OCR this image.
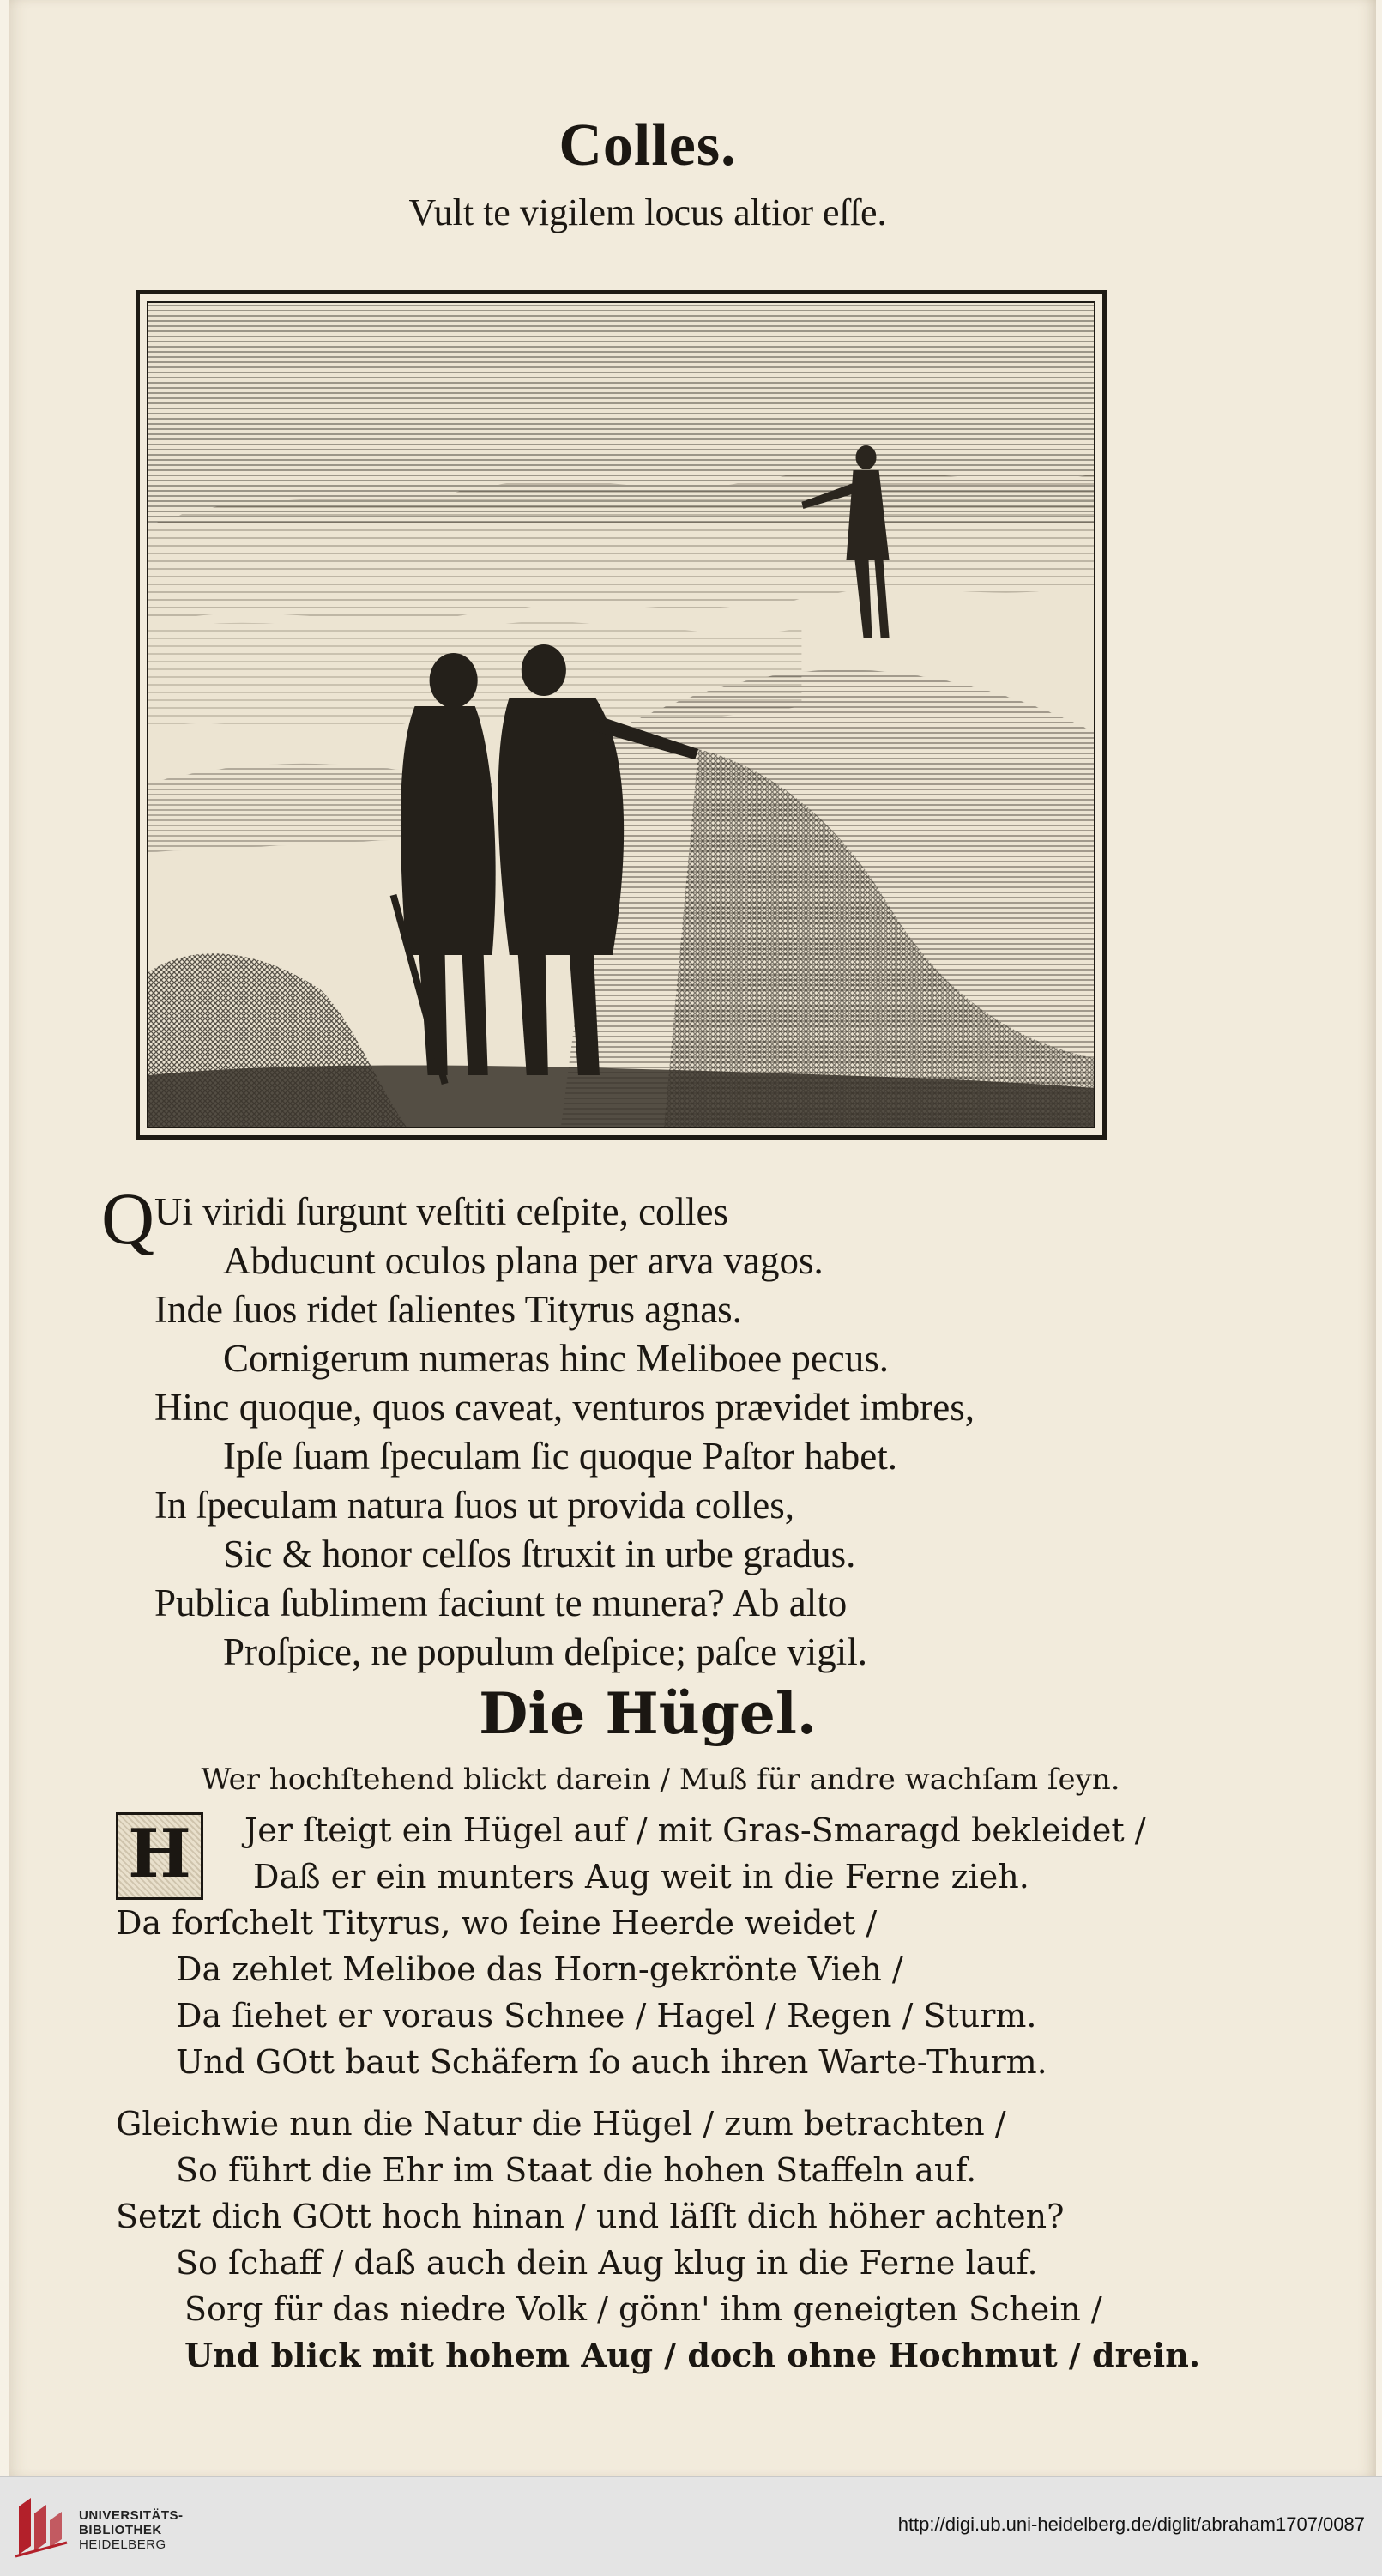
Colles.
Vult te vigilem locus altior eſſe.
Q Ui viridi ſurgunt veſtiti ceſpite, colles
Abducunt oculos plana per arva vagos.
Inde ſuos ridet ſalientes Tityrus agnas.
Cornigerum numeras hinc Meliboee pecus.
Hinc quoque, quos caveat, venturos prævidet imbres,
Ipſe ſuam ſpeculam ſic quoque Paſtor habet.
In ſpeculam natura ſuos ut provida colles,
Sic & honor celſos ſtruxit in urbe gradus.
Publica ſublimem faciunt te munera? Ab alto
Proſpice, ne populum deſpice; paſce vigil.
Die Hügel.
Wer hochſtehend blickt darein / Muß für andre wachſam ſeyn.
H	Jer ſteigt ein Hügel auf / mit Gras-Smaragd bekleidet /
Daß er ein munters Aug weit in die Ferne zieh.
Da forſchelt Tityrus, wo ſeine Heerde weidet /
Da zehlet Meliboe das Horn-gekrönte Vieh /
Da ſiehet er voraus Schnee / Hagel / Regen / Sturm.
Und GOtt baut Schäfern ſo auch ihren Warte-Thurm.
Gleichwie nun die Natur die Hügel / zum betrachten /
So führt die Ehr im Staat die hohen Staffeln auf.
Setzt dich GOtt hoch hinan / und läſſt dich höher achten?
So ſchaff / daß auch dein Aug klug in die Ferne lauf.
Sorg für das niedre Volk / gönn' ihm geneigten Schein /
Und blick mit hohem Aug / doch ohne Hochmut / drein.
UNIVERSITÄTS-
BIBLIOTHEK
HEIDELBERG
http://digi.ub.uni-heidelberg.de/diglit/abraham1707/0087
